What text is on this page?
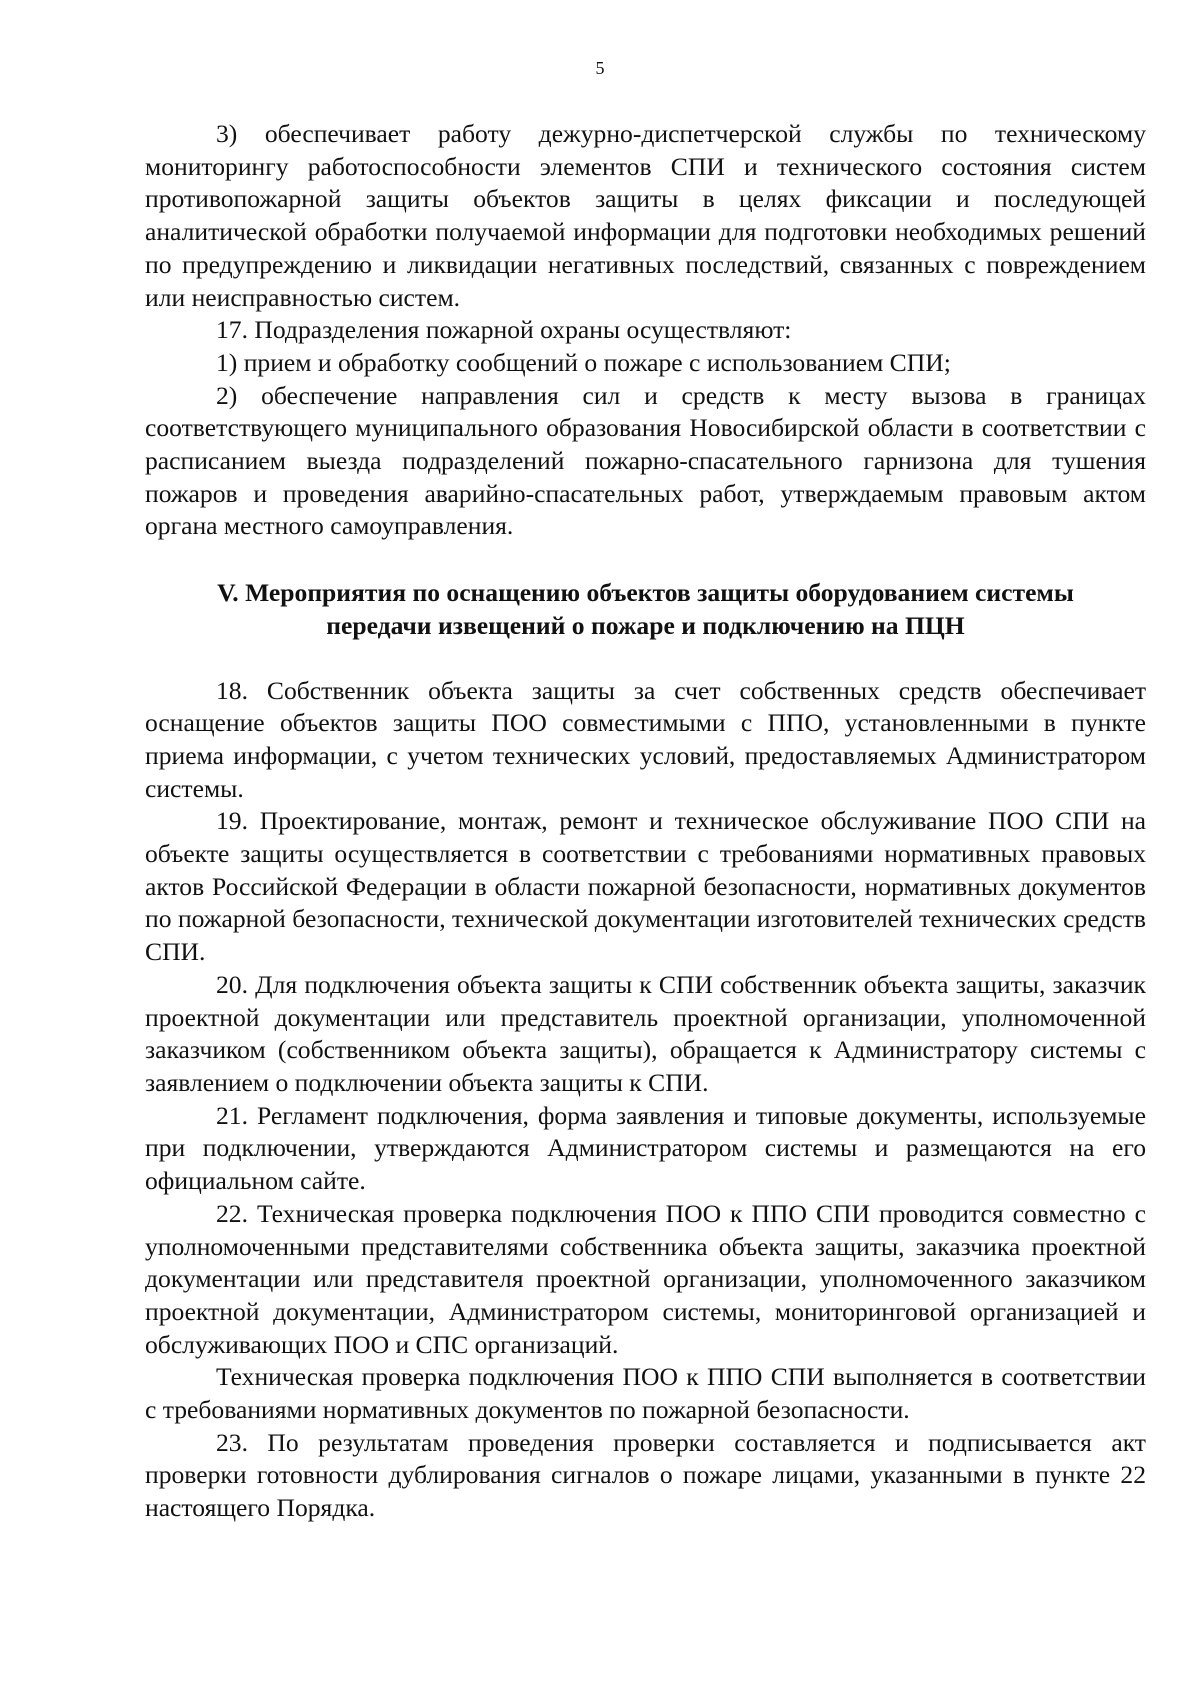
5

3) обеспечивает работу дежурно-диспетчерской службы по техническому мониторингу работоспособности элементов СПИ и технического состояния систем противопожарной защиты объектов защиты в целях фиксации и последующей аналитической обработки получаемой информации для подготовки необходимых решений по предупреждению и ликвидации негативных последствий, связанных с повреждением или неисправностью систем.

17. Подразделения пожарной охраны осуществляют:

1) прием и обработку сообщений о пожаре с использованием СПИ;

2) обеспечение направления сил и средств к месту вызова в границах соответствующего муниципального образования Новосибирской области в соответствии с расписанием выезда подразделений пожарно-спасательного гарнизона для тушения пожаров и проведения аварийно-спасательных работ, утверждаемым правовым актом органа местного самоуправления.

V. Мероприятия по оснащению объектов защиты оборудованием системы
передачи извещений о пожаре и подключению на ПЦН

18. Собственник объекта защиты за счет собственных средств обеспечивает оснащение объектов защиты ПОО совместимыми с ППО, установленными в пункте приема информации, с учетом технических условий, предоставляемых Администратором системы.

19. Проектирование, монтаж, ремонт и техническое обслуживание ПОО СПИ на объекте защиты осуществляется в соответствии с требованиями нормативных правовых актов Российской Федерации в области пожарной безопасности, нормативных документов по пожарной безопасности, технической документации изготовителей технических средств СПИ.

20. Для подключения объекта защиты к СПИ собственник объекта защиты, заказчик проектной документации или представитель проектной организации, уполномоченной заказчиком (собственником объекта защиты), обращается к Администратору системы с заявлением о подключении объекта защиты к СПИ.

21. Регламент подключения, форма заявления и типовые документы, используемые при подключении, утверждаются Администратором системы и размещаются на его официальном сайте.

22. Техническая проверка подключения ПОО к ППО СПИ проводится совместно с уполномоченными представителями собственника объекта защиты, заказчика проектной документации или представителя проектной организации, уполномоченного заказчиком проектной документации, Администратором системы, мониторинговой организацией и обслуживающих ПОО и СПС организаций.

Техническая проверка подключения ПОО к ППО СПИ выполняется в соответствии с требованиями нормативных документов по пожарной безопасности.

23. По результатам проведения проверки составляется и подписывается акт проверки готовности дублирования сигналов о пожаре лицами, указанными в пункте 22 настоящего Порядка.
